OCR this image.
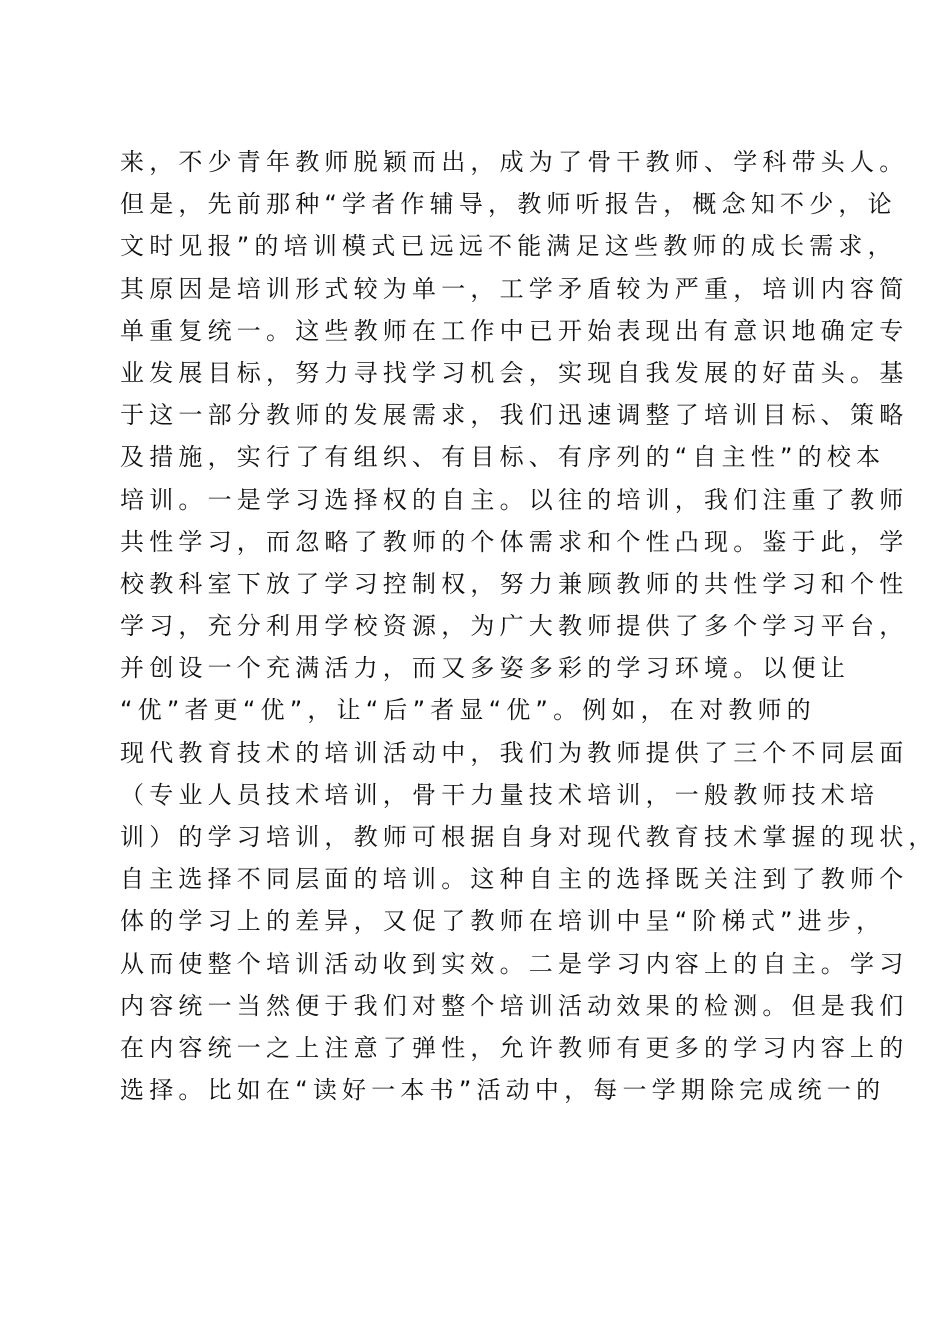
来，不少青年教师脱颖而出，成为了骨干教师、学科带头人。
但是，先前那种“学者作辅导，教师听报告，概念知不少，论
文时见报”的培训模式已远远不能满足这些教师的成长需求，
其原因是培训形式较为单一，工学矛盾较为严重，培训内容简
单重复统一。这些教师在工作中已开始表现出有意识地确定专
业发展目标，努力寻找学习机会，实现自我发展的好苗头。基
于这一部分教师的发展需求，我们迅速调整了培训目标、策略
及措施，实行了有组织、有目标、有序列的“自主性”的校本
培训。一是学习选择权的自主。以往的培训，我们注重了教师
共性学习，而忽略了教师的个体需求和个性凸现。鉴于此，学
校教科室下放了学习控制权，努力兼顾教师的共性学习和个性
学习，充分利用学校资源，为广大教师提供了多个学习平台，
并创设一个充满活力，而又多姿多彩的学习环境。以便让
“优”者更“优”，让“后”者显“优”。例如，在对教师的
现代教育技术的培训活动中，我们为教师提供了三个不同层面
（专业人员技术培训，骨干力量技术培训，一般教师技术培
训）的学习培训，教师可根据自身对现代教育技术掌握的现状，
自主选择不同层面的培训。这种自主的选择既关注到了教师个
体的学习上的差异，又促了教师在培训中呈“阶梯式”进步，
从而使整个培训活动收到实效。二是学习内容上的自主。学习
内容统一当然便于我们对整个培训活动效果的检测。但是我们
在内容统一之上注意了弹性，允许教师有更多的学习内容上的
选择。比如在“读好一本书”活动中，每一学期除完成统一的
